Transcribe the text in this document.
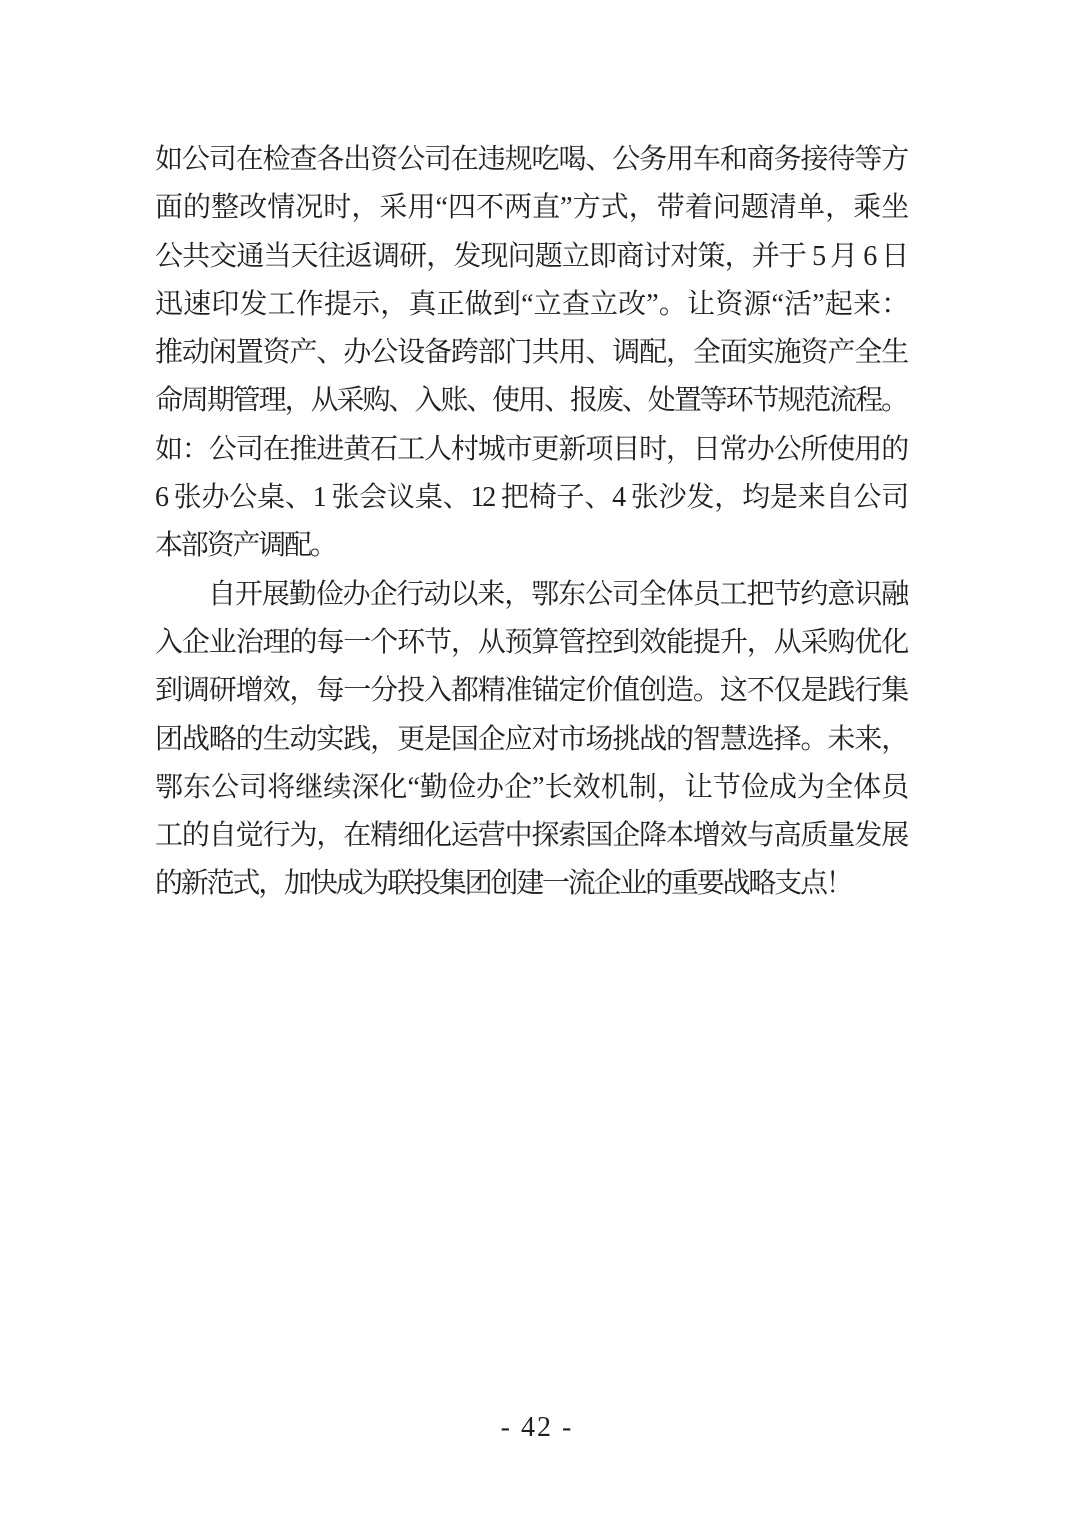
如公司在检查各出资公司在违规吃喝、公务用车和商务接待等方
面的整改情况时，采用“四不两直”方式，带着问题清单，乘坐
公共交通当天往返调研，发现问题立即商讨对策，并于 5 月 6 日
迅速印发工作提示，真正做到“立查立改”。让资源“活”起来：
推动闲置资产、办公设备跨部门共用、调配，全面实施资产全生
命周期管理，从采购、入账、使用、报废、处置等环节规范流程。
如：公司在推进黄石工人村城市更新项目时，日常办公所使用的
6 张办公桌、1 张会议桌、12 把椅子、4 张沙发，均是来自公司
本部资产调配。
自开展勤俭办企行动以来，鄂东公司全体员工把节约意识融
入企业治理的每一个环节，从预算管控到效能提升，从采购优化
到调研增效，每一分投入都精准锚定价值创造。这不仅是践行集
团战略的生动实践，更是国企应对市场挑战的智慧选择。未来，
鄂东公司将继续深化“勤俭办企”长效机制，让节俭成为全体员
工的自觉行为，在精细化运营中探索国企降本增效与高质量发展
的新范式，加快成为联投集团创建一流企业的重要战略支点！
- 42 -
